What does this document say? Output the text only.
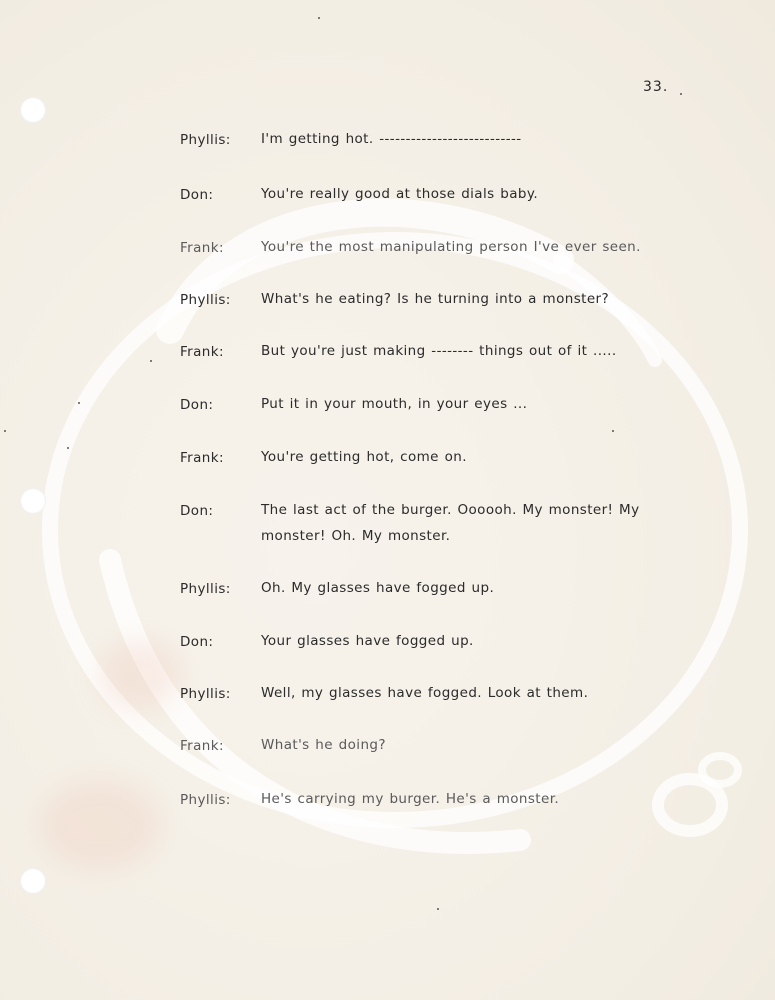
33.
Phyllis: I'm getting hot. ---------------------------
Don:	You're really good at those dials baby.
Frank:	You're the most manipulating person I've ever seen.
Phyllis: What's he eating? Is he turning into a monster?
Frank:	But you're just making -------- things out of it .....
Don:	Put it in your mouth, in your eyes ...
Frank:	You're getting hot, come on.
Don:	The last act of the burger. Oooooh. My monster! My monster! Oh. My monster.
Phyllis: Oh. My glasses have fogged up.
Don:	Your glasses have fogged up.
Phyllis: Well, my glasses have fogged. Look at them.
Frank:	What's he doing?
Phyllis: He's carrying my burger. He's a monster.
